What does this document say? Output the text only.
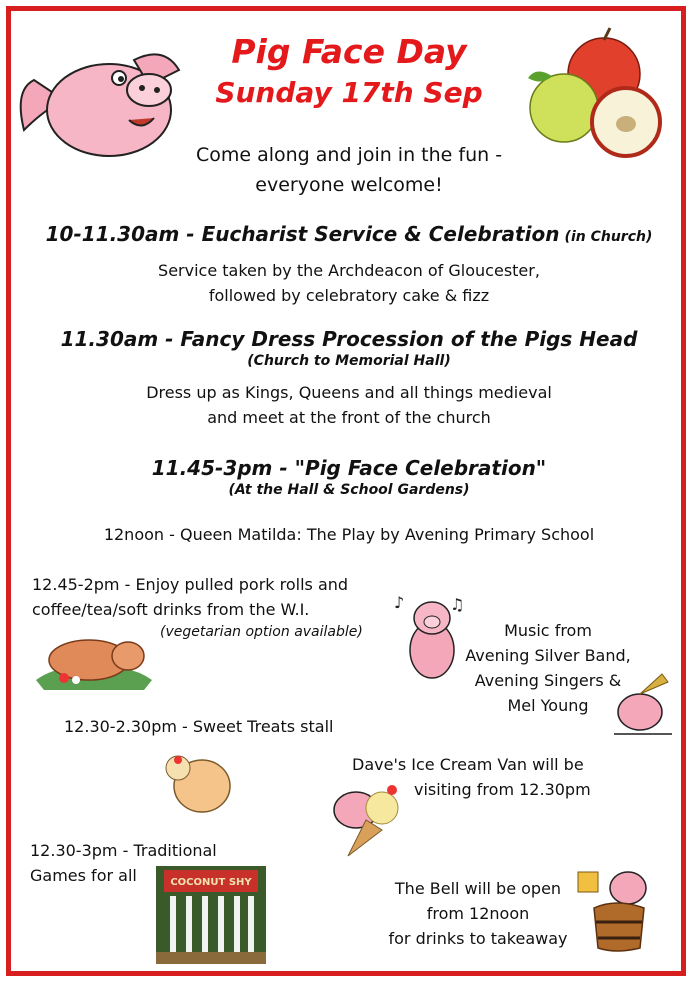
Pig Face Day
Sunday 17th Sep
Come along and join in the fun -
everyone welcome!
10-11.30am - Eucharist Service & Celebration (in Church)
Service taken by the Archdeacon of Gloucester,
followed by celebratory cake & fizz
11.30am - Fancy Dress Procession of the Pigs Head
(Church to Memorial Hall)
Dress up as Kings, Queens and all things medieval
and meet at the front of the church
11.45-3pm - "Pig Face Celebration"
(At the Hall & School Gardens)
12noon - Queen Matilda: The Play by Avening Primary School
12.45-2pm - Enjoy pulled pork rolls and
coffee/tea/soft drinks from the W.I.
(vegetarian option available)
♪	♫
Music from
Avening Silver Band,
Avening Singers &
Mel Young
12.30-2.30pm - Sweet Treats stall
Dave's Ice Cream Van will be
visiting from 12.30pm
12.30-3pm - Traditional
Games for all	COCONUT SHY	The Bell will be open
from 12noon
for drinks to takeaway
